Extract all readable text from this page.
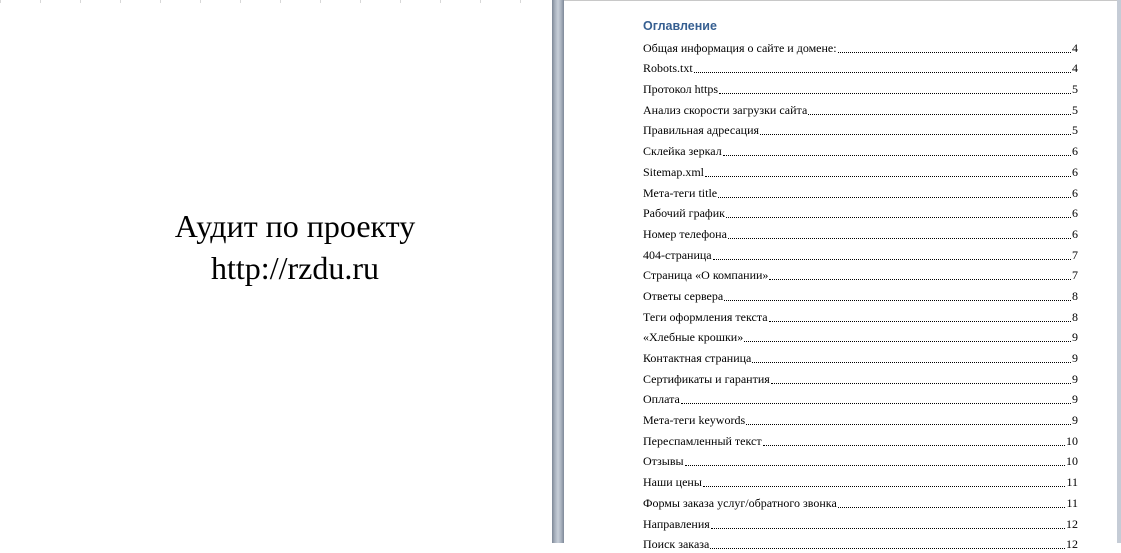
Аудит по проекту
http://rzdu.ru
Оглавление
Общая информация о сайте и домене:	4
Robots.txt	4
Протокол https	5
Анализ скорости загрузки сайта	5
Правильная адресация	5
Склейка зеркал	6
Sitemap.xml	6
Мета-теги title	6
Рабочий график	6
Номер телефона	6
404-страница	7
Страница «О компании»	7
Ответы сервера	8
Теги оформления текста	8
«Хлебные крошки»	9
Контактная страница	9
Сертификаты и гарантия	9
Оплата	9
Мета-теги keywords	9
Переспамленный текст	10
Отзывы	10
Наши цены	11
Формы заказа услуг/обратного звонка	11
Направления	12
Поиск заказа	12
